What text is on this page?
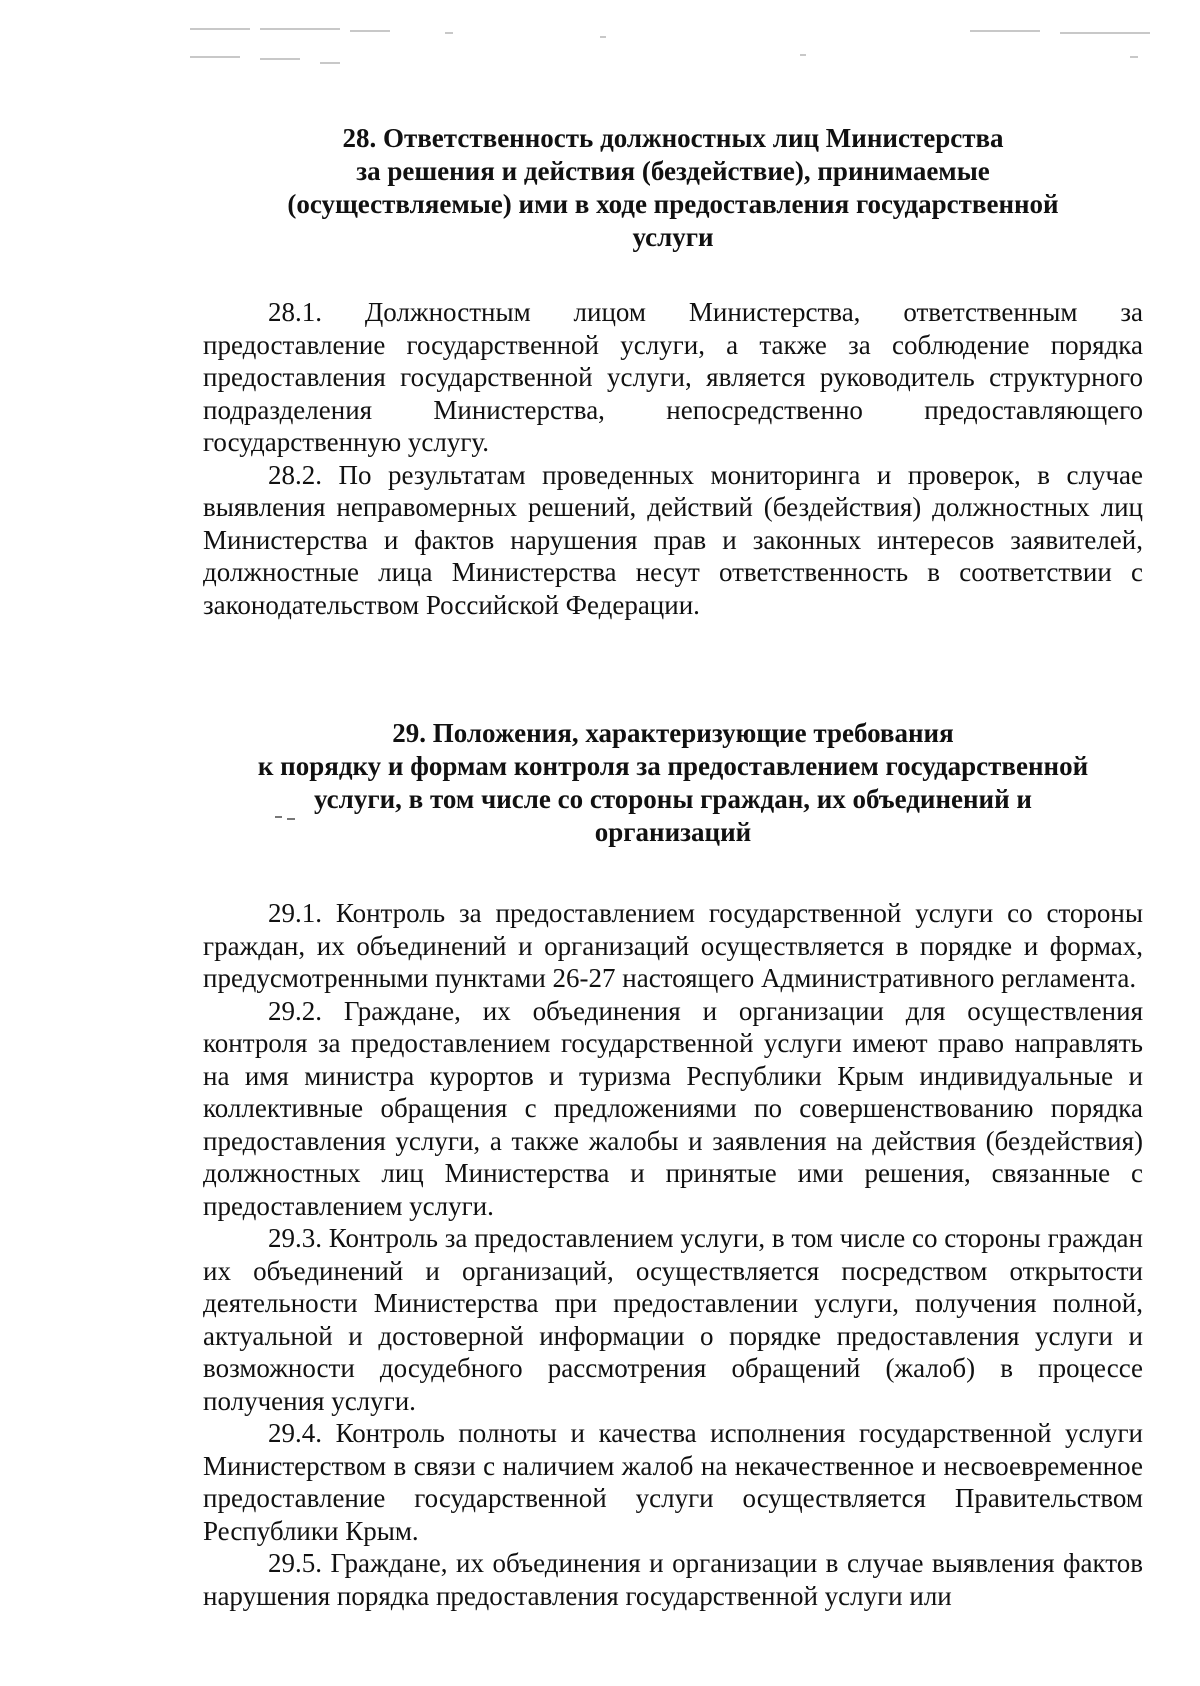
28. Ответственность должностных лиц Министерства
за решения и действия (бездействие), принимаемые
(осуществляемые) ими в ходе предоставления государственной
услуги

28.1. Должностным лицом Министерства, ответственным за предоставление государственной услуги, а также за соблюдение порядка предоставления государственной услуги, является руководитель структурного подразделения Министерства, непосредственно предоставляющего государственную услугу.

28.2. По результатам проведенных мониторинга и проверок, в случае выявления неправомерных решений, действий (бездействия) должностных лиц Министерства и фактов нарушения прав и законных интересов заявителей, должностные лица Министерства несут ответственность в соответствии с законодательством Российской Федерации.

29. Положения, характеризующие требования
к порядку и формам контроля за предоставлением государственной
услуги, в том числе со стороны граждан, их объединений и
организаций

29.1. Контроль за предоставлением государственной услуги со стороны граждан, их объединений и организаций осуществляется в порядке и формах, предусмотренными пунктами 26-27 настоящего Административного регламента.

29.2. Граждане, их объединения и организации для осуществления контроля за предоставлением государственной услуги имеют право направлять на имя министра курортов и туризма Республики Крым индивидуальные и коллективные обращения с предложениями по совершенствованию порядка предоставления услуги, а также жалобы и заявления на действия (бездействия) должностных лиц Министерства и принятые ими решения, связанные с предоставлением услуги.

29.3. Контроль за предоставлением услуги, в том числе со стороны граждан их объединений и организаций, осуществляется посредством открытости деятельности Министерства при предоставлении услуги, получения полной, актуальной и достоверной информации о порядке предоставления услуги и возможности досудебного рассмотрения обращений (жалоб) в процессе получения услуги.

29.4. Контроль полноты и качества исполнения государственной услуги Министерством в связи с наличием жалоб на некачественное и несвоевременное предоставление государственной услуги осуществляется Правительством Республики Крым.

29.5. Граждане, их объединения и организации в случае выявления фактов нарушения порядка предоставления государственной услуги или
